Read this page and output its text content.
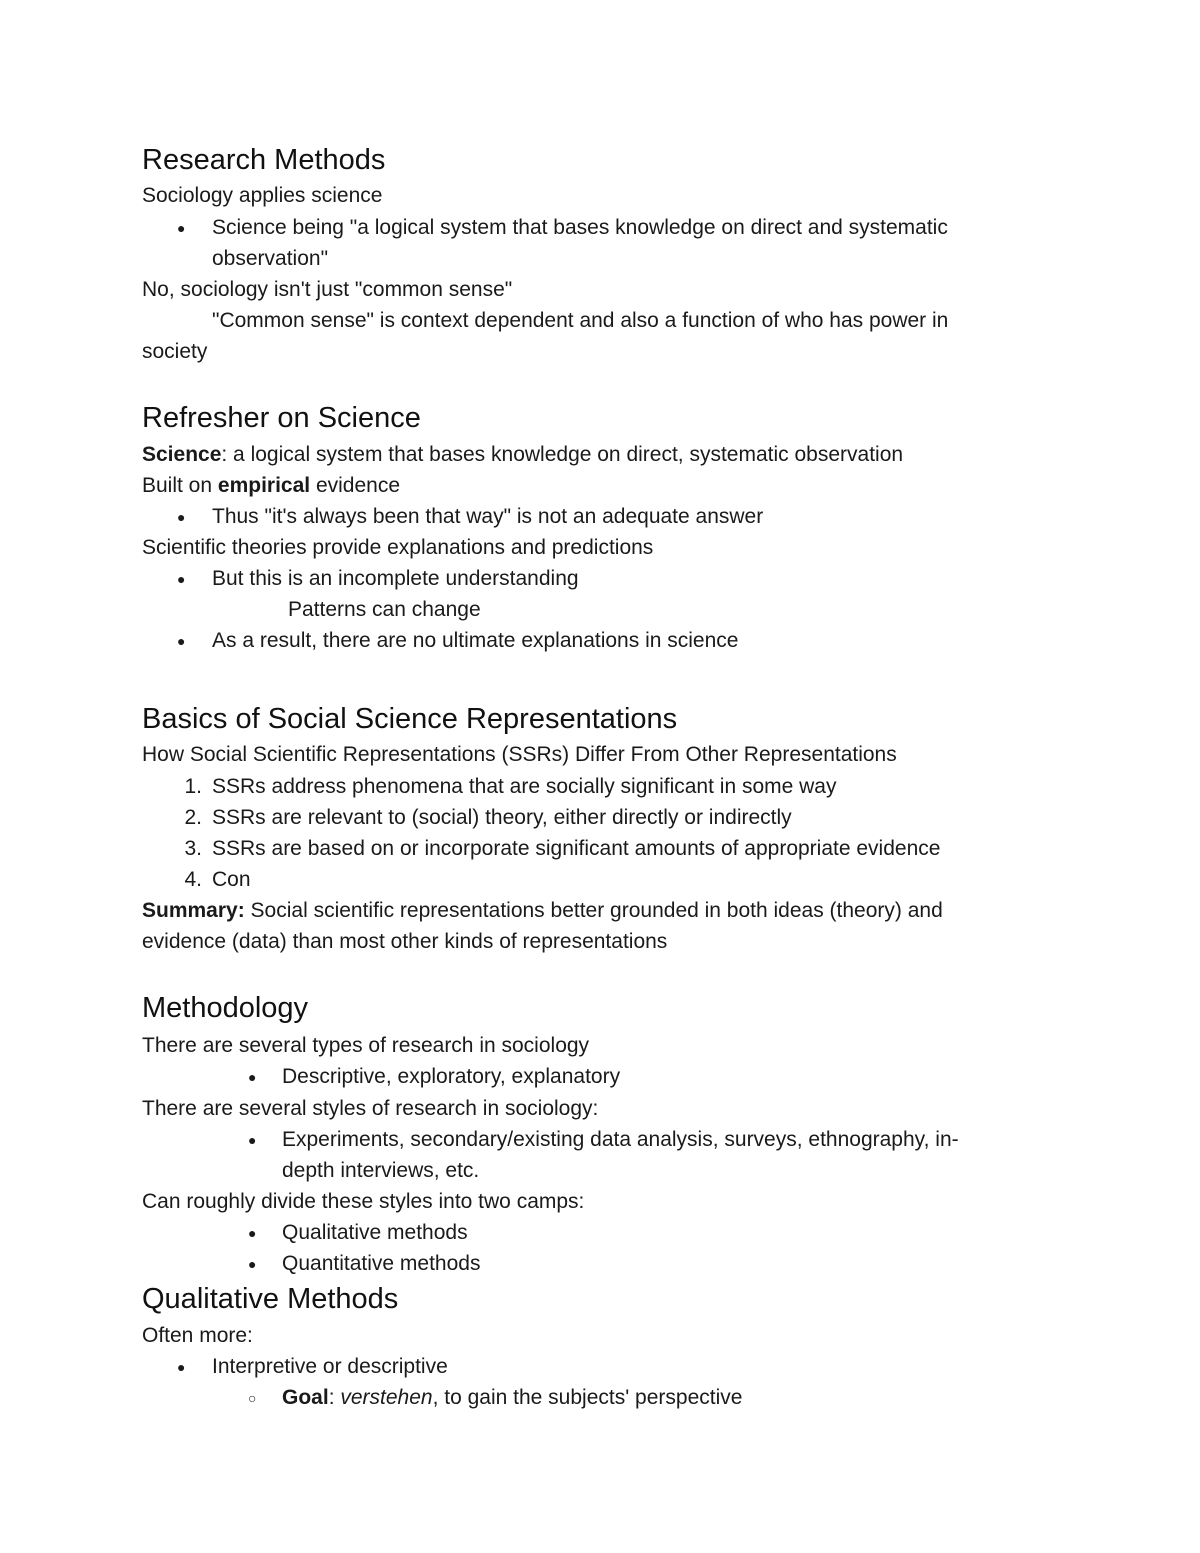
Research Methods
Sociology applies science
● Science being "a logical system that bases knowledge on direct and systematic
observation"
No, sociology isn't just "common sense"
"Common sense" is context dependent and also a function of who has power in
society
Refresher on Science
Science: a logical system that bases knowledge on direct, systematic observation
Built on empirical evidence
● Thus "it's always been that way" is not an adequate answer
Scientific theories provide explanations and predictions
● But this is an incomplete understanding
Patterns can change
● As a result, there are no ultimate explanations in science
Basics of Social Science Representations
How Social Scientific Representations (SSRs) Differ From Other Representations
1. SSRs address phenomena that are socially significant in some way
2. SSRs are relevant to (social) theory, either directly or indirectly
3. SSRs are based on or incorporate significant amounts of appropriate evidence
4. Con
Summary: Social scientific representations better grounded in both ideas (theory) and
evidence (data) than most other kinds of representations
Methodology
There are several types of research in sociology
● Descriptive, exploratory, explanatory
There are several styles of research in sociology:
● Experiments, secondary/existing data analysis, surveys, ethnography, in-
depth interviews, etc.
Can roughly divide these styles into two camps:
● Qualitative methods
● Quantitative methods
Qualitative Methods
Often more:
● Interpretive or descriptive
○ Goal: verstehen, to gain the subjects' perspective
